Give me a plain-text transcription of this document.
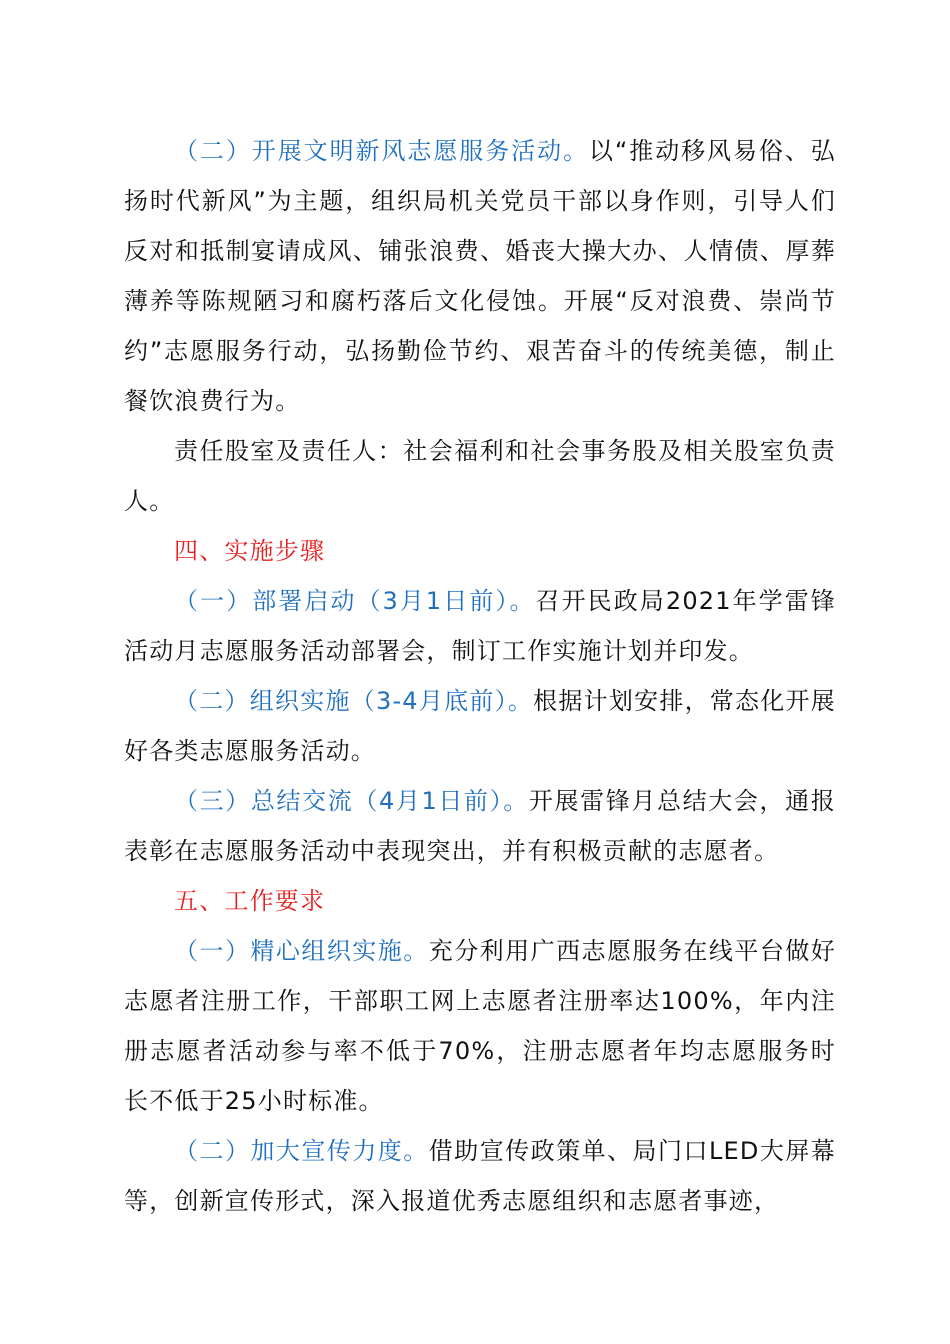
（二）开展文明新风志愿服务活动。以“推动移风易俗、弘扬时代新风”为主题，组织局机关党员干部以身作则，引导人们反对和抵制宴请成风、铺张浪费、婚丧大操大办、人情债、厚葬薄养等陈规陋习和腐朽落后文化侵蚀。开展“反对浪费、崇尚节约”志愿服务行动，弘扬勤俭节约、艰苦奋斗的传统美德，制止餐饮浪费行为。

责任股室及责任人：社会福利和社会事务股及相关股室负责人。

四、实施步骤

（一）部署启动（3月1日前）。召开民政局2021年学雷锋活动月志愿服务活动部署会，制订工作实施计划并印发。

（二）组织实施（3-4月底前）。根据计划安排，常态化开展好各类志愿服务活动。

（三）总结交流（4月1日前）。开展雷锋月总结大会，通报表彰在志愿服务活动中表现突出，并有积极贡献的志愿者。

五、工作要求

（一）精心组织实施。充分利用广西志愿服务在线平台做好志愿者注册工作，干部职工网上志愿者注册率达100%，年内注册志愿者活动参与率不低于70%，注册志愿者年均志愿服务时长不低于25小时标准。

（二）加大宣传力度。借助宣传政策单、局门口LED大屏幕等，创新宣传形式，深入报道优秀志愿组织和志愿者事迹，
